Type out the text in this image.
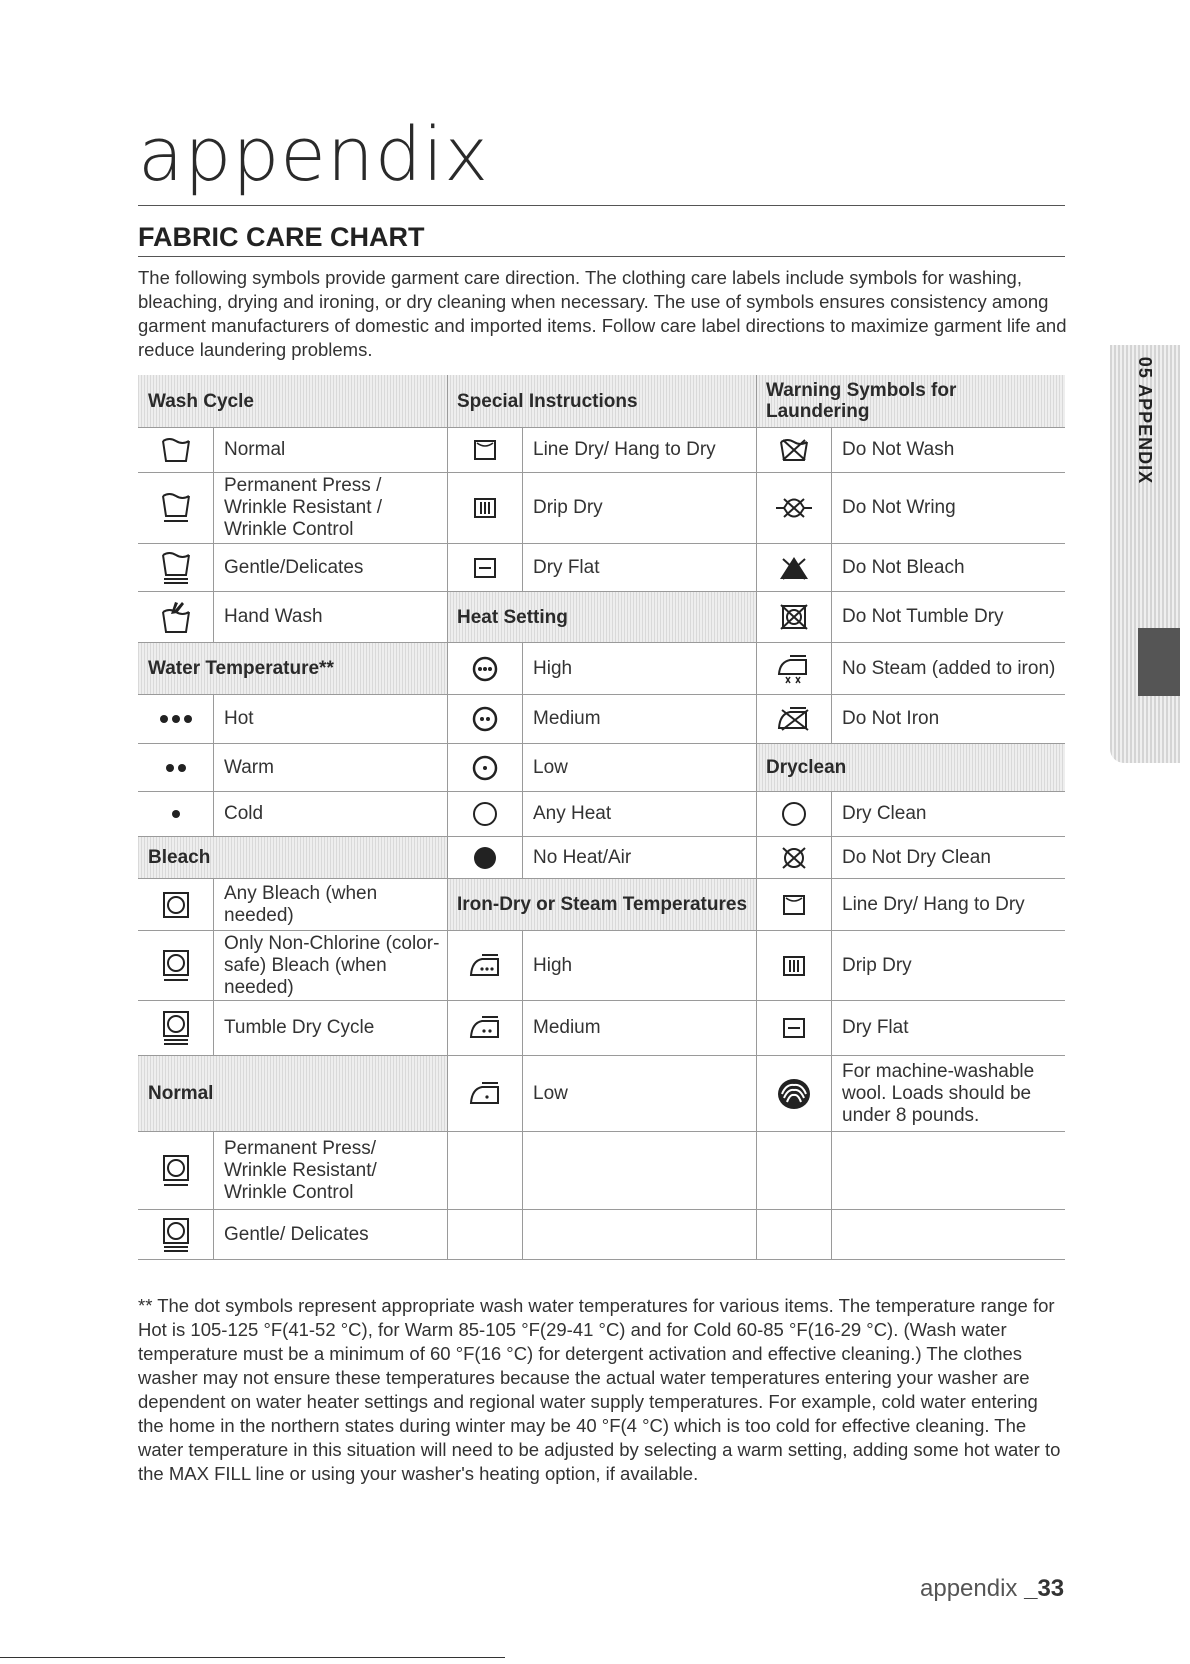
appendix
FABRIC CARE CHART
The following symbols provide garment care direction. The clothing care labels include symbols for washing, bleaching, drying and ironing, or dry cleaning when necessary. The use of symbols ensures consistency among garment manufacturers of domestic and imported items. Follow care label directions to maximize garment life and reduce laundering problems.
05 APPENDIX
Wash Cycle
Normal
Permanent Press / Wrinkle Resistant / Wrinkle Control
Gentle/Delicates
Hand Wash
Water Temperature**
Hot
Warm
Cold
Bleach
Any Bleach (when needed)
Only Non-Chlorine (color-safe) Bleach (when needed)
Tumble Dry Cycle
Normal
Permanent Press/ Wrinkle Resistant/ Wrinkle Control
Gentle/ Delicates
Special Instructions
Line Dry/ Hang to Dry
Drip Dry
Dry Flat
Heat Setting
High
Medium
Low
Any Heat
No Heat/Air
Iron-Dry or Steam Temperatures
High
Medium
Low
Warning Symbols for Laundering
Do Not Wash
Do Not Wring
Do Not Bleach
Do Not Tumble Dry
No Steam (added to iron)
Do Not Iron
Dryclean
Dry Clean
Do Not Dry Clean
Line Dry/ Hang to Dry
Drip Dry
Dry Flat
For machine-washable wool. Loads should be under 8 pounds.
** The dot symbols represent appropriate wash water temperatures for various items. The temperature range for Hot is 105-125 °F(41-52 °C), for Warm 85-105 °F(29-41 °C) and for Cold 60-85 °F(16-29 °C). (Wash water temperature must be a minimum of 60 °F(16 °C) for detergent activation and effective cleaning.) The clothes washer may not ensure these temperatures because the actual water temperatures entering your washer are dependent on water heater settings and regional water supply temperatures. For example, cold water entering the home in the northern states during winter may be 40 °F(4 °C) which is too cold for effective cleaning. The water temperature in this situation will need to be adjusted by selecting a warm setting, adding some hot water to the MAX FILL line or using your washer's heating option, if available.
appendix _33
